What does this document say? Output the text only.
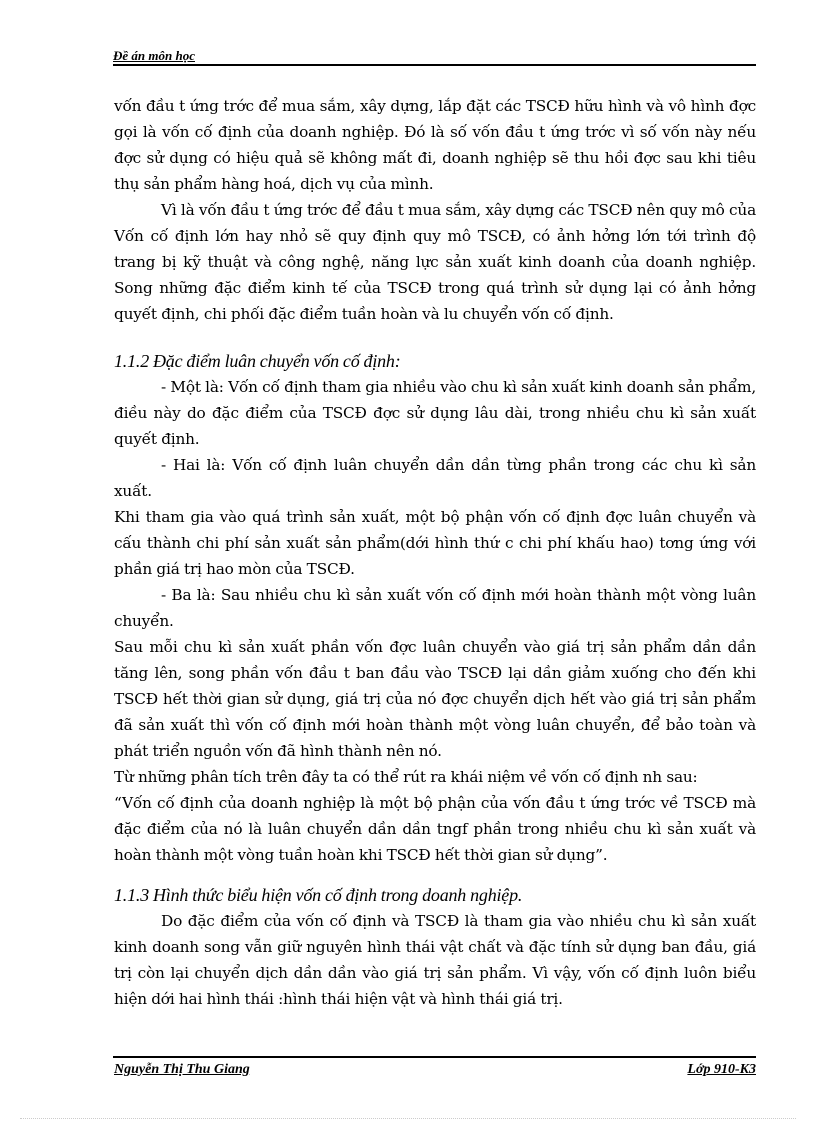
Đề án môn học

vốn đầu t ứng trớc để mua sắm, xây dựng, lắp đặt các TSCĐ hữu hình và vô hình đợc gọi là vốn cố định của doanh nghiệp. Đó là số vốn đầu t ứng trớc vì số vốn này nếu đợc sử dụng có hiệu quả sẽ không mất đi, doanh nghiệp sẽ thu hồi đợc sau khi tiêu thụ sản phẩm hàng hoá, dịch vụ của mình.

Vì là vốn đầu t ứng trớc để đầu t mua sắm, xây dựng các TSCĐ nên quy mô của Vốn cố định lớn hay nhỏ sẽ quy định quy mô TSCĐ, có ảnh hởng lớn tới trình độ trang bị kỹ thuật và công nghệ, năng lực sản xuất kinh doanh của doanh nghiệp. Song những đặc điểm kinh tế của TSCĐ trong quá trình sử dụng lại có ảnh hởng quyết định, chi phối đặc điểm tuần hoàn và lu chuyển vốn cố định.

1.1.2 Đặc điểm luân chuyển vốn cố định:

- Một là: Vốn cố định tham gia nhiều vào chu kì sản xuất kinh doanh sản phẩm, điều này do đặc điểm của TSCĐ đợc sử dụng lâu dài, trong nhiều chu kì sản xuất quyết định.

- Hai là: Vốn cố định luân chuyển dần dần từng phần trong các chu kì sản xuất.

Khi tham gia vào quá trình sản xuất, một bộ phận vốn cố định đợc luân chuyển và cấu thành chi phí sản xuất sản phẩm(dới hình thứ c chi phí khấu hao) tơng ứng với phần giá trị hao mòn của TSCĐ.

- Ba là: Sau nhiều chu kì sản xuất vốn cố định mới hoàn thành một vòng luân chuyển.

Sau mỗi chu kì sản xuất phần vốn đợc luân chuyển vào giá trị sản phẩm dần dần tăng lên, song phần vốn đầu t ban đầu vào TSCĐ lại dần giảm xuống cho đến khi TSCĐ hết thời gian sử dụng, giá trị của nó đợc chuyển dịch hết vào giá trị sản phẩm đã sản xuất thì vốn cố định mới hoàn thành một vòng luân chuyển, để bảo toàn và phát triển nguồn vốn đã hình thành nên nó.

Từ những phân tích trên đây ta có thể rút ra khái niệm về vốn cố định nh sau:

“Vốn cố định của doanh nghiệp là một bộ phận của vốn đầu t ứng trớc về TSCĐ mà đặc điểm của nó là luân chuyển dần dần tngf phần trong nhiều chu kì sản xuất và hoàn thành một vòng tuần hoàn khi TSCĐ hết thời gian sử dụng”.

1.1.3 Hình thức biểu hiện vốn cố định trong doanh nghiệp.

Do đặc điểm của vốn cố định và TSCĐ là tham gia vào nhiều chu kì sản xuất kinh doanh song vẫn giữ nguyên hình thái vật chất và đặc tính sử dụng ban đầu, giá trị còn lại chuyển dịch dần dần vào giá trị sản phẩm. Vì vậy, vốn cố định luôn biểu hiện dới hai hình thái :hình thái hiện vật và hình thái giá trị.

Nguyễn Thị Thu Giang	Lớp 910-K3
